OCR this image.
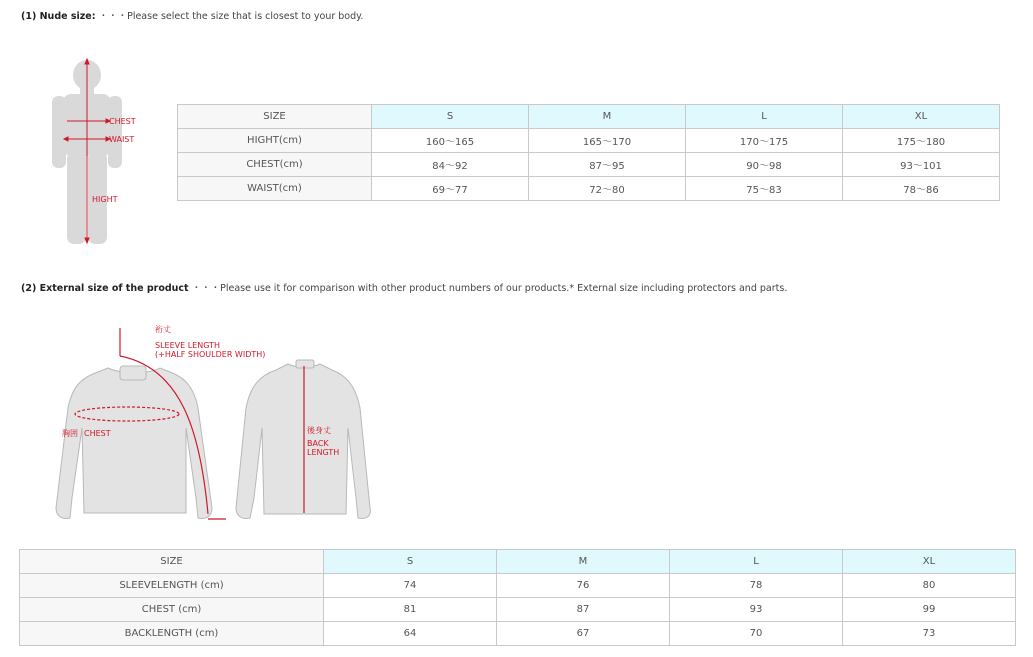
(1) Nude size: ・・・Please select the size that is closest to your body.
CHEST
WAIST
HIGHT
SIZE	S	M	L	XL
HIGHT(cm)	160～165	165～170	170～175	175～180
CHEST(cm)	84～92	87～95	90～98	93～101
WAIST(cm)	69～77	72～80	75～83	78～86
(2) External size of the product ・・・Please use it for comparison with other product numbers of our products.* External size including protectors and parts.
裄丈
SLEEVE LENGTH
(+HALF SHOULDER WIDTH)
胸囲 CHEST	後身丈
BACK
LENGTH
SIZE	S	M	L	XL
SLEEVELENGTH (cm)	74	76	78	80
CHEST (cm)	81	87	93	99
BACKLENGTH (cm)	64	67	70	73
